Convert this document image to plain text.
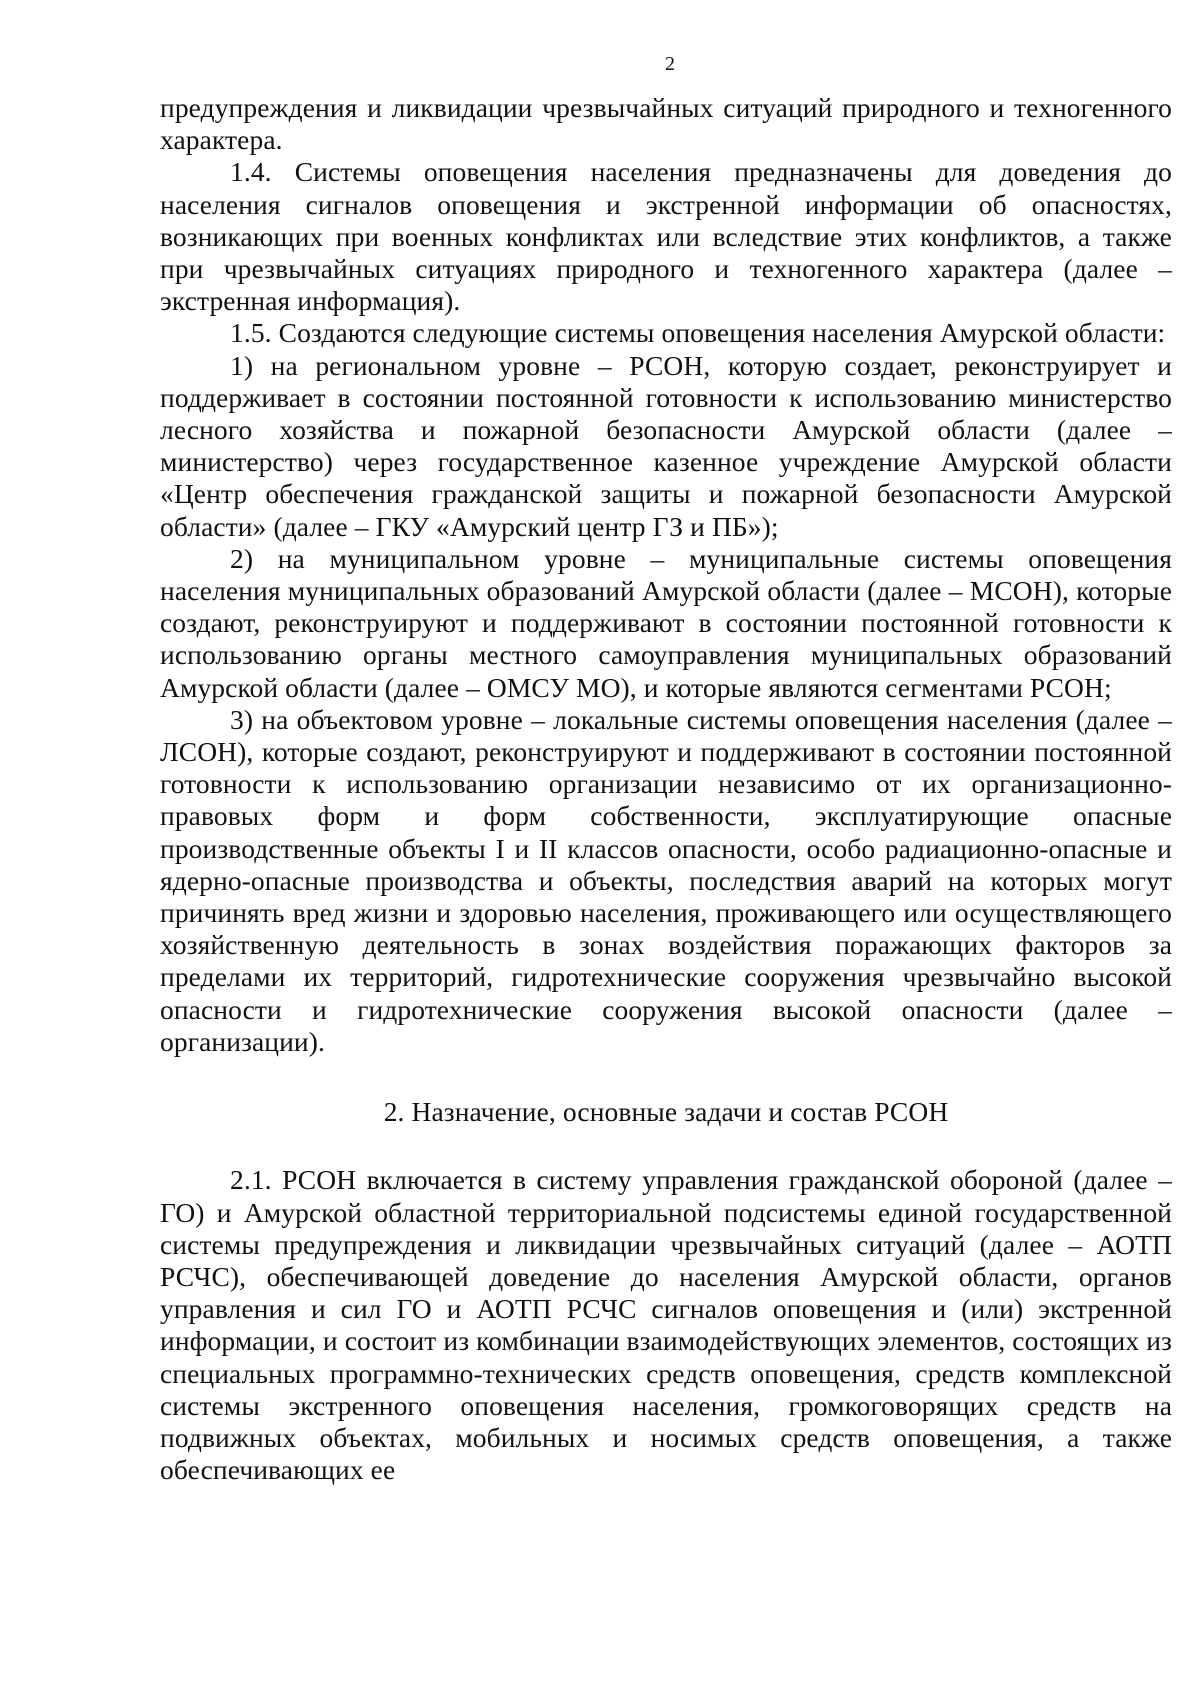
2

предупреждения и ликвидации чрезвычайных ситуаций природного и техногенного характера.

1.4. Системы оповещения населения предназначены для доведения до населения сигналов оповещения и экстренной информации об опасностях, возникающих при военных конфликтах или вследствие этих конфликтов, а также при чрезвычайных ситуациях природного и техногенного характера (далее – экстренная информация).

1.5. Создаются следующие системы оповещения населения Амурской области:

1) на региональном уровне – РСОН, которую создает, реконструирует и поддерживает в состоянии постоянной готовности к использованию министерство лесного хозяйства и пожарной безопасности Амурской области (далее – министерство) через государственное казенное учреждение Амурской области «Центр обеспечения гражданской защиты и пожарной безопасности Амурской области» (далее – ГКУ «Амурский центр ГЗ и ПБ»);

2) на муниципальном уровне – муниципальные системы оповещения населения муниципальных образований Амурской области (далее – МСОН), которые создают, реконструируют и поддерживают в состоянии постоянной готовности к использованию органы местного самоуправления муниципальных образований Амурской области (далее – ОМСУ МО), и которые являются сегментами РСОН;

3) на объектовом уровне – локальные системы оповещения населения (далее – ЛСОН), которые создают, реконструируют и поддерживают в состоянии постоянной готовности к использованию организации независимо от их организационно-правовых форм и форм собственности, эксплуатирующие опасные производственные объекты I и II классов опасности, особо радиационно-опасные и ядерно-опасные производства и объекты, последствия аварий на которых могут причинять вред жизни и здоровью населения, проживающего или осуществляющего хозяйственную деятельность в зонах воздействия поражающих факторов за пределами их территорий, гидротехнические сооружения чрезвычайно высокой опасности и гидротехнические сооружения высокой опасности (далее – организации).

2. Назначение, основные задачи и состав РСОН

2.1. РСОН включается в систему управления гражданской обороной (далее – ГО) и Амурской областной территориальной подсистемы единой государственной системы предупреждения и ликвидации чрезвычайных ситуаций (далее – АОТП РСЧС), обеспечивающей доведение до населения Амурской области, органов управления и сил ГО и АОТП РСЧС сигналов оповещения и (или) экстренной информации, и состоит из комбинации взаимодействующих элементов, состоящих из специальных программно-технических средств оповещения, средств комплексной системы экстренного оповещения населения, громкоговорящих средств на подвижных объектах, мобильных и носимых средств оповещения, а также обеспечивающих ее
